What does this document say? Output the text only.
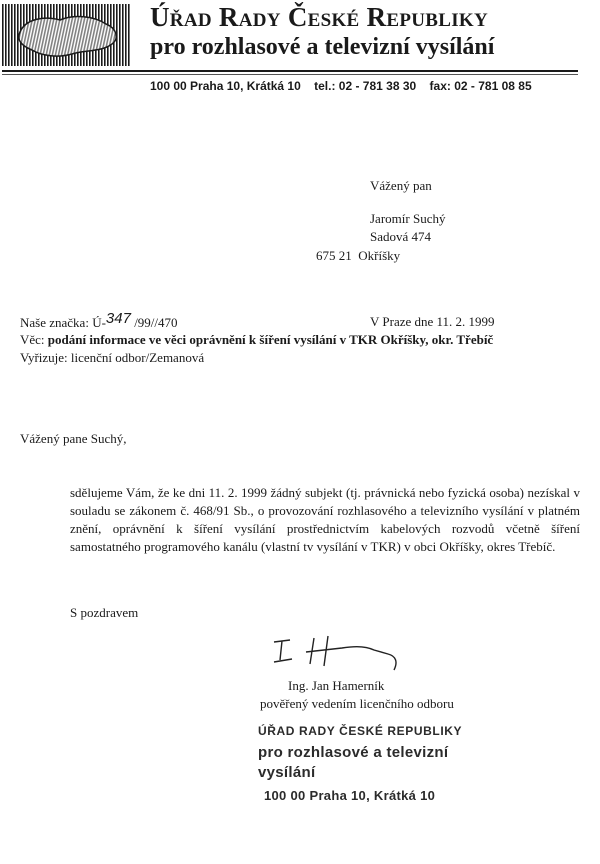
Úřad Rady České Republiky
pro rozhlasové a televizní vysílání
100 00 Praha 10, Krátká 10 tel.: 02 - 781 38 30 fax: 02 - 781 08 85
Vážený pan
Jaromír Suchý
Sadová 474
675 21 Okříšky
Naše značka: Ú-347 /99//470	V Praze dne 11. 2. 1999
Věc: podání informace ve věci oprávnění k šíření vysílání v TKR Okříšky, okr. Třebíč
Vyřizuje: licenční odbor/Zemanová
Vážený pane Suchý,
sdělujeme Vám, že ke dni 11. 2. 1999 žádný subjekt (tj. právnická nebo fyzická osoba) nezískal v souladu se zákonem č. 468/91 Sb., o provozování rozhlasového a televizního vysílání v platném znění, oprávnění k šíření vysílání prostřednictvím kabelových rozvodů včetně šíření samostatného programového kanálu (vlastní tv vysílání v TKR) v obci Okříšky, okres Třebíč.
S pozdravem
Ing. Jan Hamerník
pověřený vedením licenčního odboru
ÚŘAD RADY ČESKÉ REPUBLIKY
pro rozhlasové a televizní
vysílání
100 00 Praha 10, Krátká 10
